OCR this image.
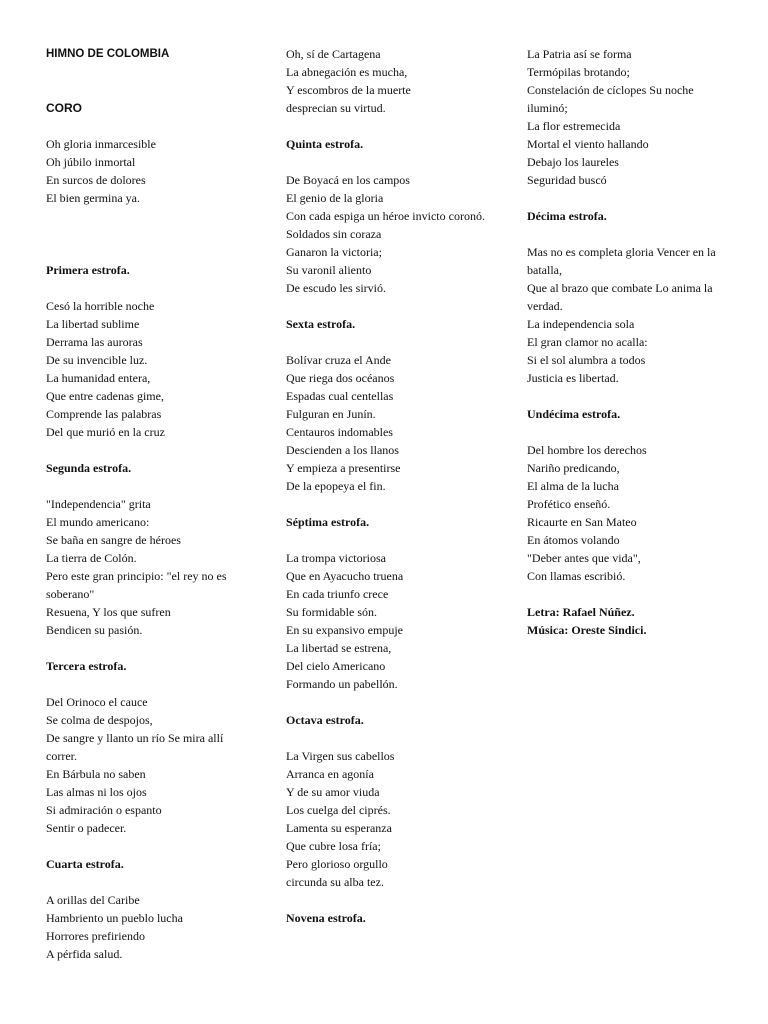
HIMNO DE COLOMBIA

CORO

Oh gloria inmarcesible
Oh júbilo inmortal
En surcos de dolores
El bien germina ya.

Primera estrofa.

Cesó la horrible noche
La libertad sublime
Derrama las auroras
De su invencible luz.
La humanidad entera,
Que entre cadenas gime,
Comprende las palabras
Del que murió en la cruz

Segunda estrofa.

"Independencia" grita
El mundo americano:
Se baña en sangre de héroes
La tierra de Colón.
Pero este gran principio: "el rey no es soberano"
Resuena, Y los que sufren
Bendicen su pasión.

Tercera estrofa.

Del Orinoco el cauce
Se colma de despojos,
De sangre y llanto un río Se mira allí correr.
En Bárbula no saben
Las almas ni los ojos
Si admiración o espanto
Sentir o padecer.

Cuarta estrofa.

A orillas del Caribe
Hambriento un pueblo lucha
Horrores prefiriendo
A pérfida salud.
Oh, sí de Cartagena
La abnegación es mucha,
Y escombros de la muerte
desprecian su virtud.

Quinta estrofa.

De Boyacá en los campos
El genio de la gloria
Con cada espiga un héroe invicto coronó.
Soldados sin coraza
Ganaron la victoria;
Su varonil aliento
De escudo les sirvió.

Sexta estrofa.

Bolívar cruza el Ande
Que riega dos océanos
Espadas cual centellas
Fulguran en Junín.
Centauros indomables
Descienden a los llanos
Y empieza a presentirse
De la epopeya el fin.

Séptima estrofa.

La trompa victoriosa
Que en Ayacucho truena
En cada triunfo crece
Su formidable són.
En su expansivo empuje
La libertad se estrena,
Del cielo Americano
Formando un pabellón.

Octava estrofa.

La Virgen sus cabellos
Arranca en agonía
Y de su amor viuda
Los cuelga del ciprés.
Lamenta su esperanza
Que cubre losa fría;
Pero glorioso orgullo
circunda su alba tez.

Novena estrofa.

La Patria así se forma
Termópilas brotando;
Constelación de cíclopes Su noche iluminó;
La flor estremecida
Mortal el viento hallando
Debajo los laureles
Seguridad buscó

Décima estrofa.

Mas no es completa gloria Vencer en la batalla,
Que al brazo que combate Lo anima la verdad.
La independencia sola
El gran clamor no acalla:
Si el sol alumbra a todos
Justicia es libertad.

Undécima estrofa.

Del hombre los derechos
Nariño predicando,
El alma de la lucha
Profético enseñó.
Ricaurte en San Mateo
En átomos volando
"Deber antes que vida",
Con llamas escribió.
Letra: Rafael Núñez.
Música: Oreste Sindici.
